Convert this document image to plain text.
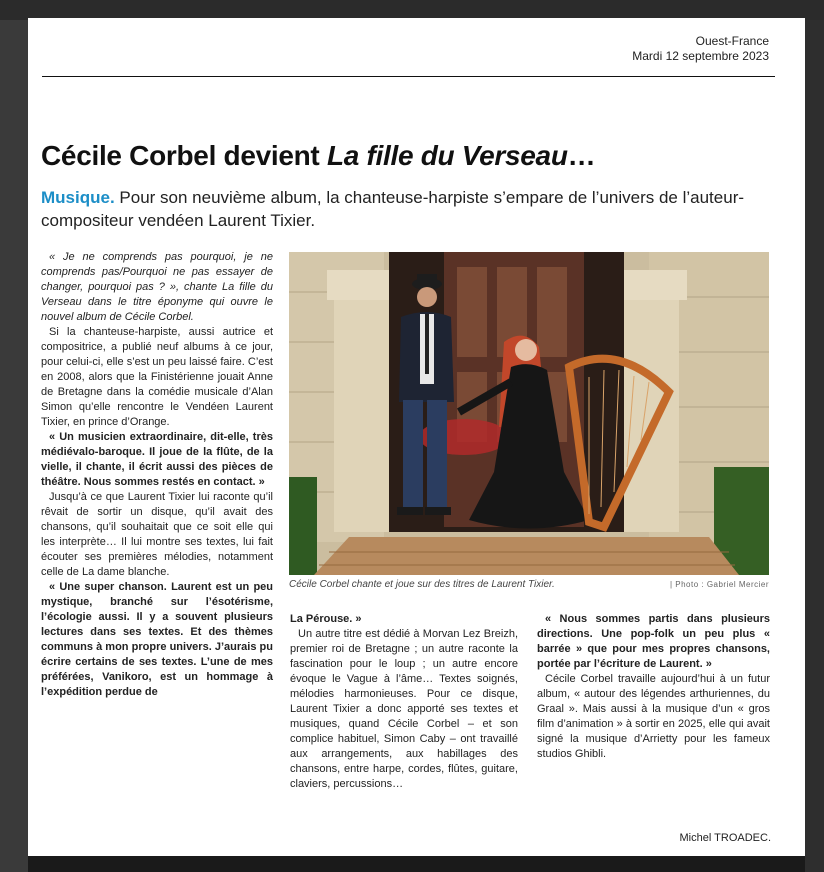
Ouest-France
Mardi 12 septembre 2023
Cécile Corbel devient La fille du Verseau…
Musique. Pour son neuvième album, la chanteuse-harpiste s’empare de l’univers de l’auteur-compositeur vendéen Laurent Tixier.

« Je ne comprends pas pourquoi, je ne comprends pas/Pourquoi ne pas essayer de changer, pourquoi pas ? », chante La fille du Verseau dans le titre éponyme qui ouvre le nouvel album de Cécile Corbel.

Si la chanteuse-harpiste, aussi autrice et compositrice, a publié neuf albums à ce jour, pour celui-ci, elle s’est un peu laissé faire. C’est en 2008, alors que la Finistérienne jouait Anne de Bretagne dans la comédie musicale d’Alan Simon qu’elle rencontre le Vendéen Laurent Tixier, en prince d’Orange.

« Un musicien extraordinaire, dit-elle, très médiévalo-baroque. Il joue de la flûte, de la vielle, il chante, il écrit aussi des pièces de théâtre. Nous sommes restés en contact. »

Jusqu’à ce que Laurent Tixier lui raconte qu’il rêvait de sortir un disque, qu’il avait des chansons, qu’il souhaitait que ce soit elle qui les interprète… Il lui montre ses textes, lui fait écouter ses premières mélodies, notamment celle de La dame blanche.

« Une super chanson. Laurent est un peu mystique, branché sur l’ésotérisme, l’écologie aussi. Il y a souvent plusieurs lectures dans ses textes. Et des thèmes communs à mon propre univers. J’aurais pu écrire certains de ses textes. L’une de mes préférées, Vanikoro, est un hommage à l’expédition perdue de

Cécile Corbel chante et joue sur des titres de Laurent Tixier.	| Photo : Gabriel Mercier

La Pérouse. »

Un autre titre est dédié à Morvan Lez Breizh, premier roi de Bretagne ; un autre raconte la fascination pour le loup ; un autre encore évoque le Vague à l’âme… Textes soignés, mélodies harmonieuses. Pour ce disque, Laurent Tixier a donc apporté ses textes et musiques, quand Cécile Corbel – et son complice habituel, Simon Caby – ont travaillé aux arrangements, aux habillages des chansons, entre harpe, cordes, flûtes, guitare, claviers, percussions…

« Nous sommes partis dans plusieurs directions. Une pop-folk un peu plus « barrée » que pour mes propres chansons, portée par l’écriture de Laurent. »

Cécile Corbel travaille aujourd’hui à un futur album, « autour des légendes arthuriennes, du Graal ». Mais aussi à la musique d’un « gros film d’animation » à sortir en 2025, elle qui avait signé la musique d’Arrietty pour les fameux studios Ghibli.

Michel TROADEC.
